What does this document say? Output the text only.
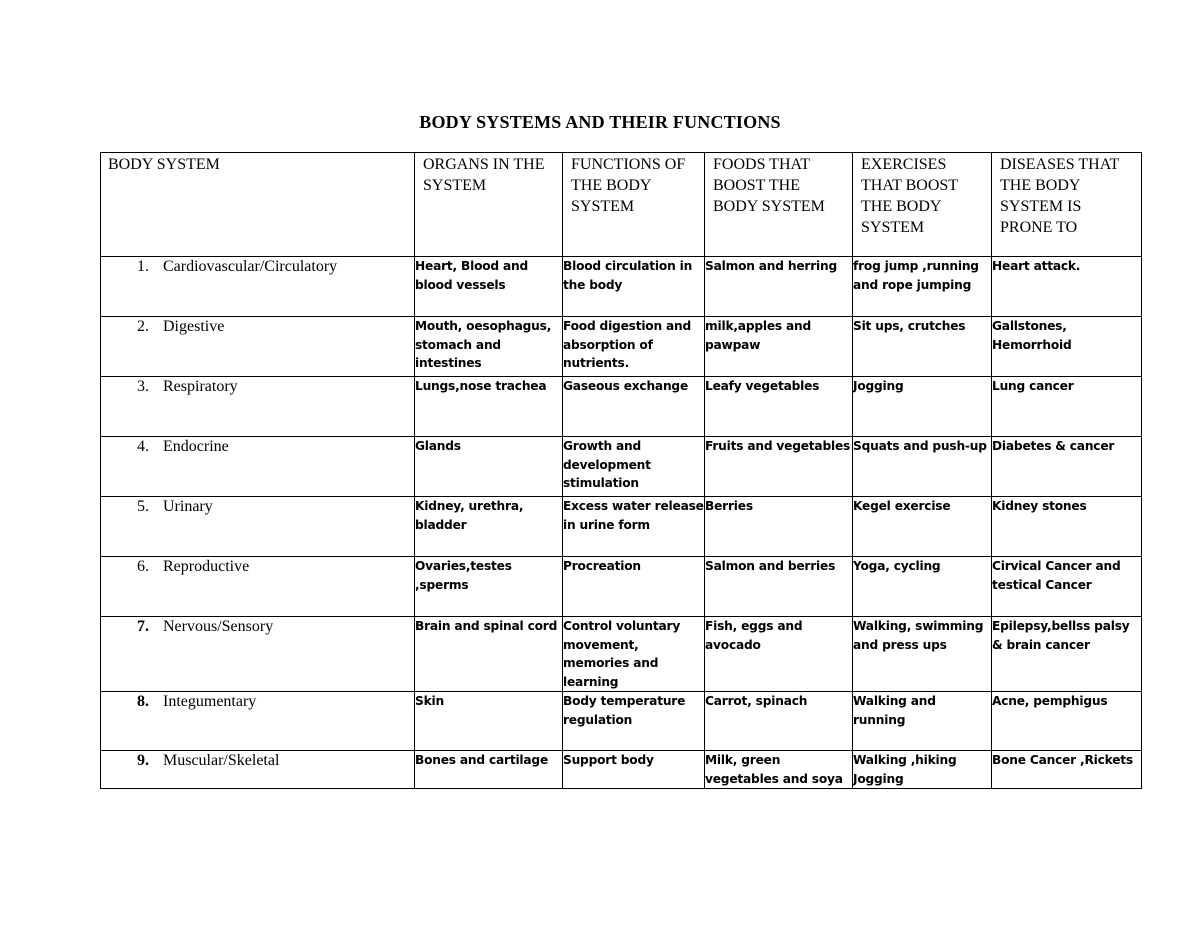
BODY SYSTEMS AND THEIR FUNCTIONS
BODY SYSTEM	ORGANS IN THE SYSTEM	FUNCTIONS OF THE BODY SYSTEM	FOODS THAT BOOST THE BODY SYSTEM	EXERCISES THAT BOOST THE BODY SYSTEM	DISEASES THAT THE BODY SYSTEM IS PRONE TO
1. Cardiovascular/Circulatory	Heart, Blood and blood vessels	Blood circulation in the body	Salmon and herring	frog jump ,running and rope jumping	Heart attack.
2. Digestive	Mouth, oesophagus, stomach and intestines	Food digestion and absorption of nutrients.	milk,apples and pawpaw	Sit ups, crutches	Gallstones, Hemorrhoid
3. Respiratory	Lungs,nose trachea	Gaseous exchange	Leafy vegetables	Jogging	Lung cancer
4. Endocrine	Glands	Growth and development stimulation	Fruits and vegetables	Squats and push-up	Diabetes & cancer
5. Urinary	Kidney, urethra, bladder	Excess water release in urine form	Berries	Kegel exercise	Kidney stones
6. Reproductive	Ovaries,testes ,sperms	Procreation	Salmon and berries	Yoga, cycling	Cirvical Cancer and testical Cancer
7. Nervous/Sensory	Brain and spinal cord	Control voluntary movement, memories and learning	Fish, eggs and avocado	Walking, swimming and press ups	Epilepsy,bellss palsy & brain cancer
8. Integumentary	Skin	Body temperature regulation	Carrot, spinach	Walking and running	Acne, pemphigus
9. Muscular/Skeletal	Bones and cartilage	Support body	Milk, green vegetables and soya	Walking ,hiking Jogging	Bone Cancer ,Rickets
